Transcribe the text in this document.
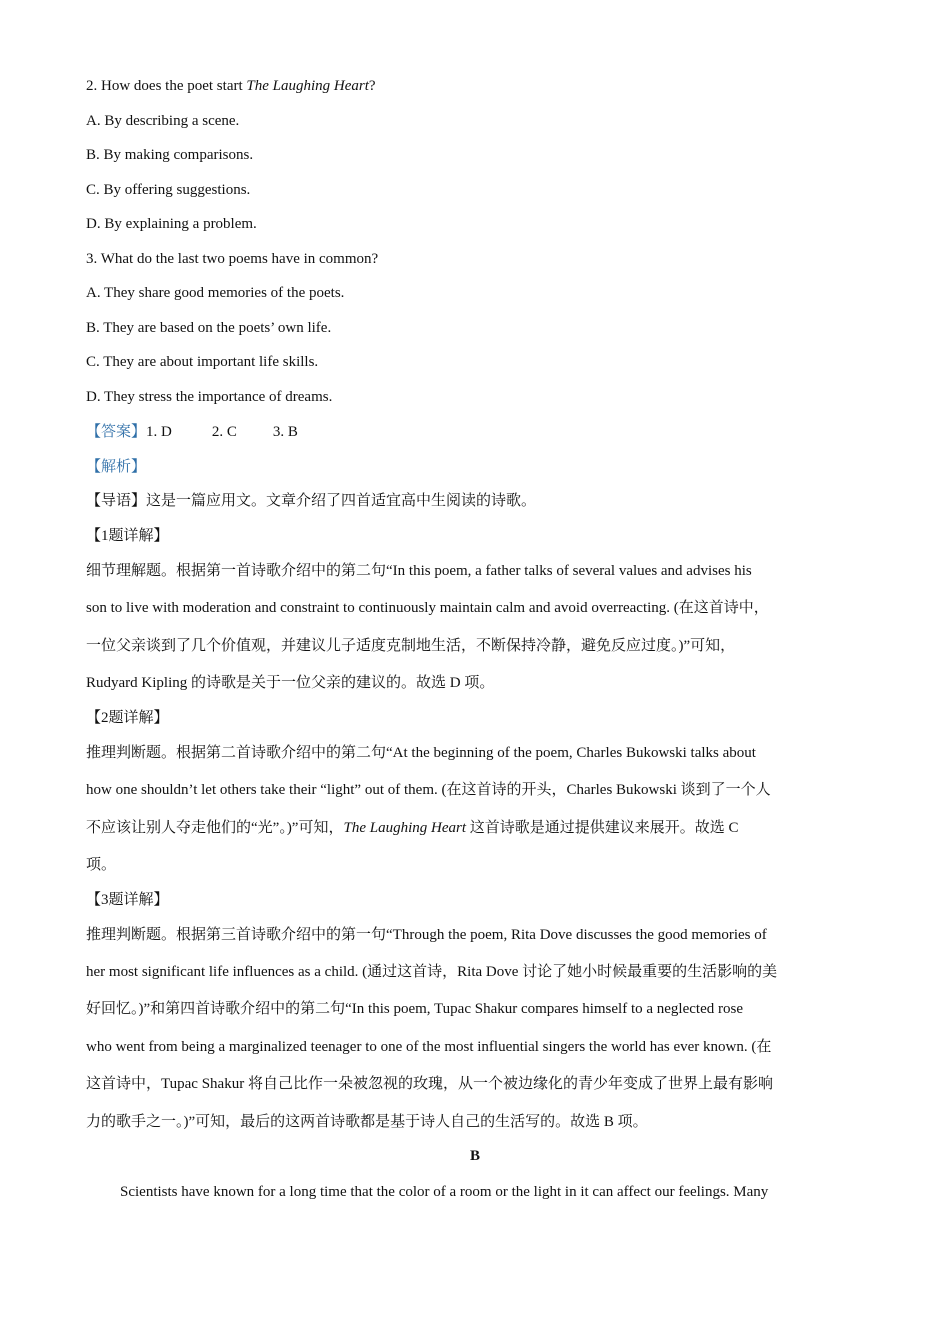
2. How does the poet start The Laughing Heart?
A. By describing a scene.
B. By making comparisons.
C. By offering suggestions.
D. By explaining a problem.
3. What do the last two poems have in common?
A. They share good memories of the poets.
B. They are based on the poets’ own life.
C. They are about important life skills.
D. They stress the importance of dreams.
【答案】1. D	2. C 3. B
【解析】
【导语】这是一篇应用文。文章介绍了四首适宜高中生阅读的诗歌。
【1题详解】
细节理解题。根据第一首诗歌介绍中的第二句“In this poem, a father talks of several values and advises his
son to live with moderation and constraint to continuously maintain calm and avoid overreacting. (在这首诗中，
一位父亲谈到了几个价值观，并建议儿子适度克制地生活，不断保持冷静，避免反应过度。)”可知，
Rudyard Kipling 的诗歌是关于一位父亲的建议的。故选 D 项。
【2题详解】
推理判断题。根据第二首诗歌介绍中的第二句“At the beginning of the poem, Charles Bukowski talks about
how one shouldn’t let others take their “light” out of them. (在这首诗的开头，Charles Bukowski 谈到了一个人
不应该让别人夺走他们的“光”。)”可知，The Laughing Heart 这首诗歌是通过提供建议来展开。故选 C
项。
【3题详解】
推理判断题。根据第三首诗歌介绍中的第一句“Through the poem, Rita Dove discusses the good memories of
her most significant life influences as a child. (通过这首诗，Rita Dove 讨论了她小时候最重要的生活影响的美
好回忆。)”和第四首诗歌介绍中的第二句“In this poem, Tupac Shakur compares himself to a neglected rose
who went from being a marginalized teenager to one of the most influential singers the world has ever known. (在
这首诗中，Tupac Shakur 将自己比作一朵被忽视的玫瑰，从一个被边缘化的青少年变成了世界上最有影响
力的歌手之一。)”可知，最后的这两首诗歌都是基于诗人自己的生活写的。故选 B 项。
B
Scientists have known for a long time that the color of a room or the light in it can affect our feelings. Many
